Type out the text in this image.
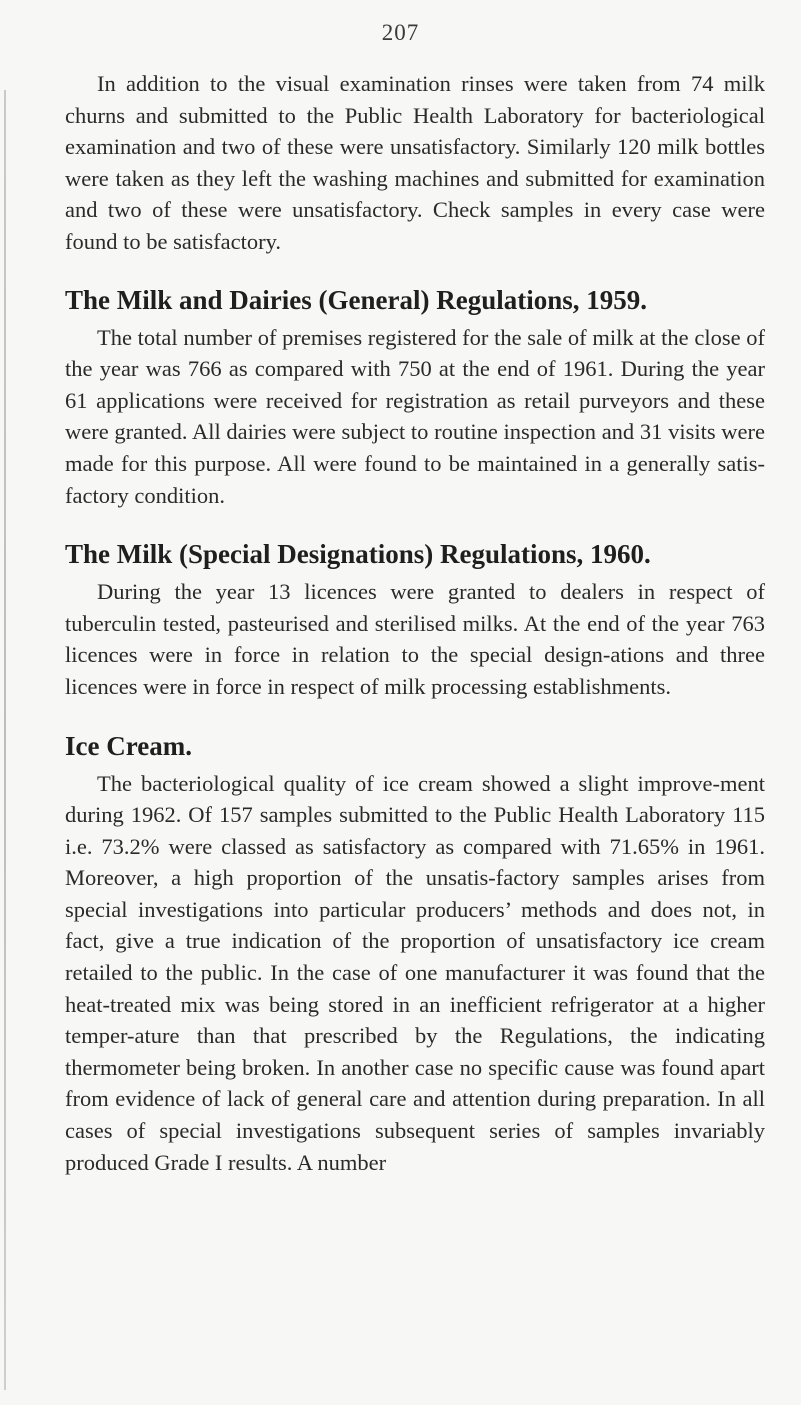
207

In addition to the visual examination rinses were taken from 74 milk churns and submitted to the Public Health Laboratory for bacteriological examination and two of these were unsatisfactory. Similarly 120 milk bottles were taken as they left the washing machines and submitted for examination and two of these were unsatisfactory. Check samples in every case were found to be satisfactory.

The Milk and Dairies (General) Regulations, 1959.

The total number of premises registered for the sale of milk at the close of the year was 766 as compared with 750 at the end of 1961. During the year 61 applications were received for registration as retail purveyors and these were granted. All dairies were subject to routine inspection and 31 visits were made for this purpose. All were found to be maintained in a generally satis-factory condition.

The Milk (Special Designations) Regulations, 1960.

During the year 13 licences were granted to dealers in respect of tuberculin tested, pasteurised and sterilised milks. At the end of the year 763 licences were in force in relation to the special design-ations and three licences were in force in respect of milk processing establishments.

Ice Cream.

The bacteriological quality of ice cream showed a slight improve-ment during 1962. Of 157 samples submitted to the Public Health Laboratory 115 i.e. 73.2% were classed as satisfactory as compared with 71.65% in 1961. Moreover, a high proportion of the unsatis-factory samples arises from special investigations into particular producers’ methods and does not, in fact, give a true indication of the proportion of unsatisfactory ice cream retailed to the public. In the case of one manufacturer it was found that the heat-treated mix was being stored in an inefficient refrigerator at a higher temper-ature than that prescribed by the Regulations, the indicating thermometer being broken. In another case no specific cause was found apart from evidence of lack of general care and attention during preparation. In all cases of special investigations subsequent series of samples invariably produced Grade I results. A number
